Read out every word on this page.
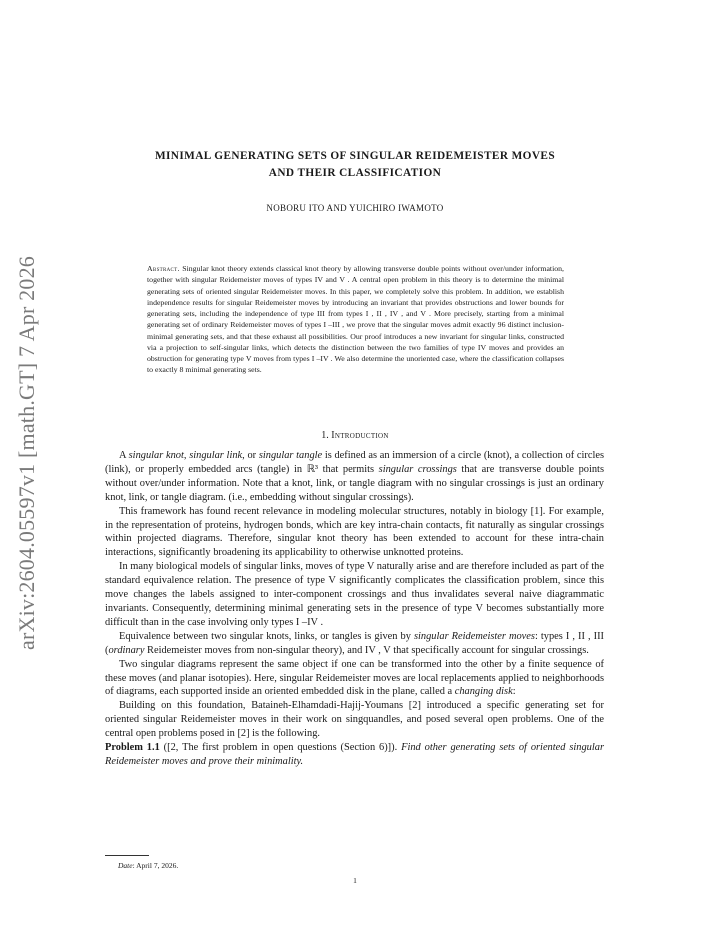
arXiv:2604.05597v1 [math.GT] 7 Apr 2026
MINIMAL GENERATING SETS OF SINGULAR REIDEMEISTER MOVES
AND THEIR CLASSIFICATION
NOBORU ITO AND YUICHIRO IWAMOTO
Abstract. Singular knot theory extends classical knot theory by allowing transverse double points without over/under information, together with singular Reidemeister moves of types IV and V . A central open problem in this theory is to determine the minimal generating sets of oriented singular Reidemeister moves. In this paper, we completely solve this problem. In addition, we establish independence results for singular Reidemeister moves by introducing an invariant that provides obstructions and lower bounds for generating sets, including the independence of type III from types I , II , IV , and V . More precisely, starting from a minimal generating set of ordinary Reidemeister moves of types I –III , we prove that the singular moves admit exactly 96 distinct inclusion-minimal generating sets, and that these exhaust all possibilities. Our proof introduces a new invariant for singular links, constructed via a projection to self-singular links, which detects the distinction between the two families of type IV moves and provides an obstruction for generating type V moves from types I –IV . We also determine the unoriented case, where the classification collapses to exactly 8 minimal generating sets.
1. Introduction

A singular knot, singular link, or singular tangle is defined as an immersion of a circle (knot), a collection of circles (link), or properly embedded arcs (tangle) in ℝ³ that permits singular crossings that are transverse double points without over/under information. Note that a knot, link, or tangle diagram with no singular crossings is just an ordinary knot, link, or tangle diagram. (i.e., embedding without singular crossings).

This framework has found recent relevance in modeling molecular structures, notably in biology [1]. For example, in the representation of proteins, hydrogen bonds, which are key intra-chain contacts, fit naturally as singular crossings within projected diagrams. Therefore, singular knot theory has been extended to account for these intra-chain interactions, significantly broadening its applicability to otherwise unknotted proteins.

In many biological models of singular links, moves of type V naturally arise and are therefore included as part of the standard equivalence relation. The presence of type V significantly complicates the classification problem, since this move changes the labels assigned to inter-component crossings and thus invalidates several naive diagrammatic invariants. Consequently, determining minimal generating sets in the presence of type V becomes substantially more difficult than in the case involving only types I –IV .

Equivalence between two singular knots, links, or tangles is given by singular Reidemeister moves: types I , II , III (ordinary Reidemeister moves from non-singular theory), and IV , V that specifically account for singular crossings.

Two singular diagrams represent the same object if one can be transformed into the other by a finite sequence of these moves (and planar isotopies). Here, singular Reidemeister moves are local replacements applied to neighborhoods of diagrams, each supported inside an oriented embedded disk in the plane, called a changing disk:

Building on this foundation, Bataineh-Elhamdadi-Hajij-Youmans [2] introduced a specific generating set for oriented singular Reidemeister moves in their work on singquandles, and posed several open problems. One of the central open problems posed in [2] is the following.

Problem 1.1 ([2, The first problem in open questions (Section 6)]). Find other generating sets of oriented singular Reidemeister moves and prove their minimality.

Date: April 7, 2026.
1
